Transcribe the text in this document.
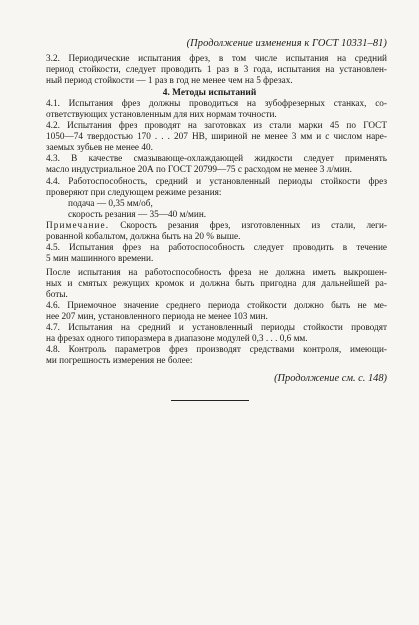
(Продолжение изменения к ГОСТ 10331–81)

3.2. Периодические испытания фрез, в том числе испытания на средний
период стойкости, следует проводить 1 раз в 3 года, испытания на установлен-
ный период стойкости — 1 раз в год не менее чем на 5 фрезах.

4. Методы испытаний

4.1. Испытания фрез должны проводиться на зубофрезерных станках, со-
ответствующих установленным для них нормам точности.

4.2. Испытания фрез проводят на заготовках из стали марки 45 по ГОСТ
1050—74 твердостью 170 . . . 207 HB, шириной не менее 3 мм и с числом наре-
заемых зубьев не менее 40.

4.3. В качестве смазывающе-охлаждающей жидкости следует применять
масло индустриальное 20А по ГОСТ 20799—75 с расходом не менее 3 л/мин.

4.4. Работоспособность, средний и установленный периоды стойкости фрез
проверяют при следующем режиме резания:

подача — 0,35 мм/об,
скорость резания — 35—40 м/мин.

Примечание. Скорость резания фрез, изготовленных из стали, леги-
рованной кобальтом, должна быть на 20 % выше.

4.5. Испытания фрез на работоспособность следует проводить в течение
5 мин машинного времени.

После испытания на работоспособность фреза не должна иметь выкрошен-
ных и смятых режущих кромок и должна быть пригодна для дальнейшей ра-
боты.

4.6. Приемочное значение среднего периода стойкости должно быть не ме-
нее 207 мин, установленного периода не менее 103 мин.

4.7. Испытания на средний и установленный периоды стойкости проводят
на фрезах одного типоразмера в диапазоне модулей 0,3 . . . 0,6 мм.

4.8. Контроль параметров фрез производят средствами контроля, имеющи-
ми погрешность измерения не более:

(Продолжение см. с. 148)
